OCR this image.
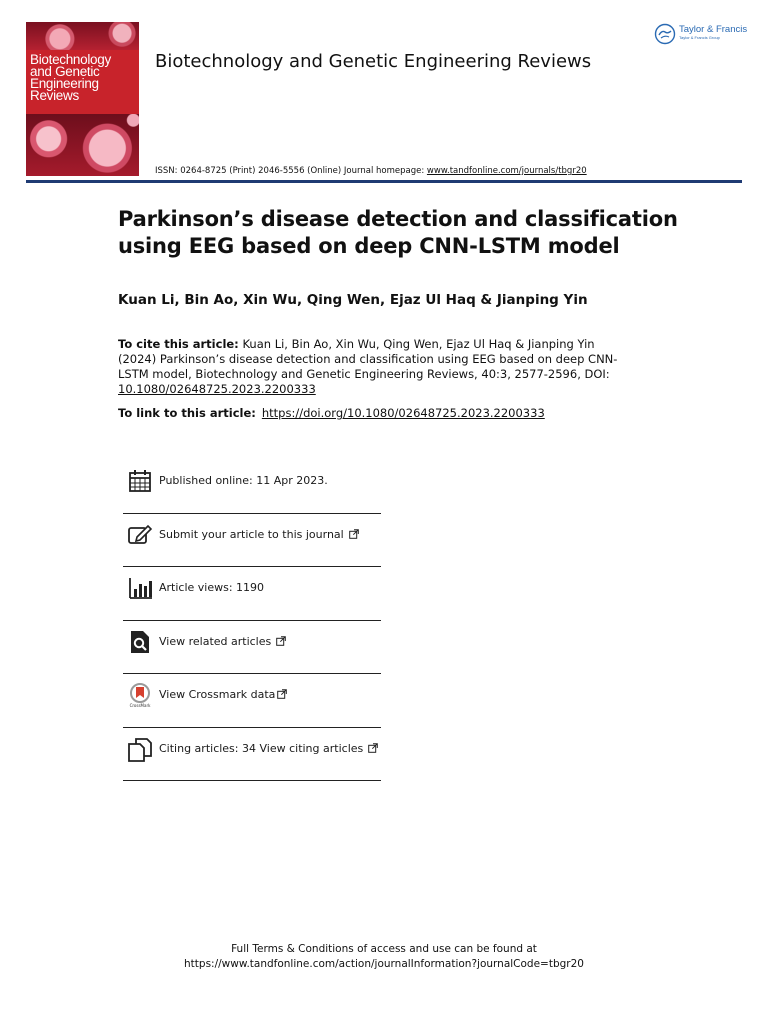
Biotechnology
and Genetic
Engineering
Reviews
Biotechnology and Genetic Engineering Reviews
Taylor & Francis
Taylor & Francis Group
ISSN: 0264-8725 (Print) 2046-5556 (Online) Journal homepage: www.tandfonline.com/journals/tbgr20
Parkinson’s disease detection and classification using EEG based on deep CNN-LSTM model
Kuan Li, Bin Ao, Xin Wu, Qing Wen, Ejaz Ul Haq & Jianping Yin
To cite this article: Kuan Li, Bin Ao, Xin Wu, Qing Wen, Ejaz Ul Haq & Jianping Yin (2024) Parkinson’s disease detection and classification using EEG based on deep CNN-LSTM model, Biotechnology and Genetic Engineering Reviews, 40:3, 2577-2596, DOI: 10.1080/02648725.2023.2200333
To link to this article: https://doi.org/10.1080/02648725.2023.2200333
Published online: 11 Apr 2023.
Submit your article to this journal
Article views: 1190
View related articles
CrossMark
View Crossmark data
Citing articles: 34 View citing articles
Full Terms & Conditions of access and use can be found at
https://www.tandfonline.com/action/journalInformation?journalCode=tbgr20
